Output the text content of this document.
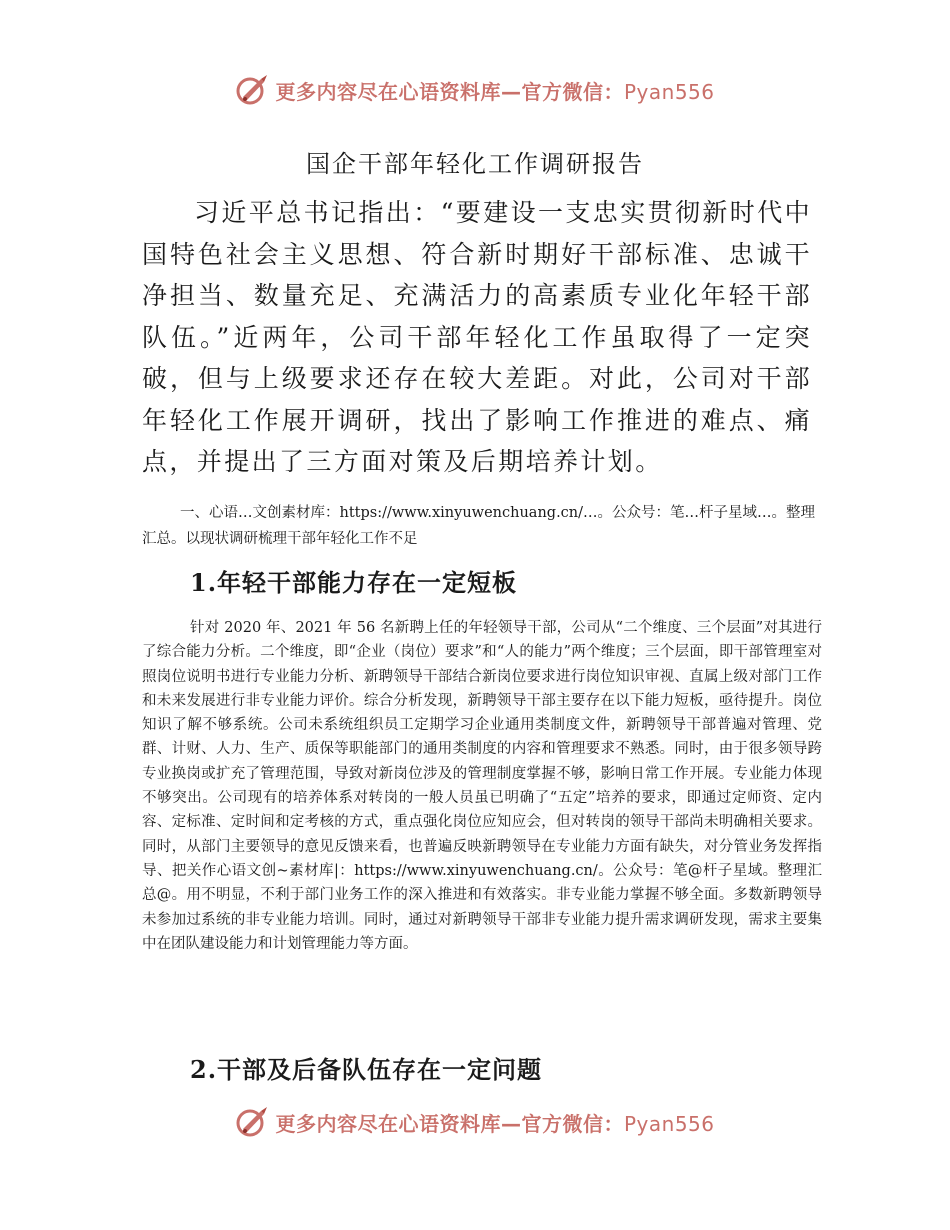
更多内容尽在心语资料库—官方微信：Pyan556
国企干部年轻化工作调研报告

习近平总书记指出：“要建设一支忠实贯彻新时代中国特色社会主义思想、符合新时期好干部标准、忠诚干净担当、数量充足、充满活力的高素质专业化年轻干部队伍。”近两年，公司干部年轻化工作虽取得了一定突破，但与上级要求还存在较大差距。对此，公司对干部年轻化工作展开调研，找出了影响工作推进的难点、痛点，并提出了三方面对策及后期培养计划。

一、心语…文创素材库：https://www.xinyuwenchuang.cn/…。公众号：笔…杆子星域…。整理汇总。以现状调研梳理干部年轻化工作不足

1.年轻干部能力存在一定短板

针对 2020 年、2021 年 56 名新聘上任的年轻领导干部，公司从“二个维度、三个层面”对其进行了综合能力分析。二个维度，即“企业（岗位）要求”和“人的能力”两个维度；三个层面，即干部管理室对照岗位说明书进行专业能力分析、新聘领导干部结合新岗位要求进行岗位知识审视、直属上级对部门工作和未来发展进行非专业能力评价。综合分析发现，新聘领导干部主要存在以下能力短板，亟待提升。岗位知识了解不够系统。公司未系统组织员工定期学习企业通用类制度文件，新聘领导干部普遍对管理、党群、计财、人力、生产、质保等职能部门的通用类制度的内容和管理要求不熟悉。同时，由于很多领导跨专业换岗或扩充了管理范围，导致对新岗位涉及的管理制度掌握不够，影响日常工作开展。专业能力体现不够突出。公司现有的培养体系对转岗的一般人员虽已明确了“五定”培养的要求，即通过定师资、定内容、定标准、定时间和定考核的方式，重点强化岗位应知应会，但对转岗的领导干部尚未明确相关要求。同时，从部门主要领导的意见反馈来看，也普遍反映新聘领导在专业能力方面有缺失，对分管业务发挥指导、把关作心语文创~素材库|：https://www.xinyuwenchuang.cn/。公众号：笔@杆子星域。整理汇总@。用不明显，不利于部门业务工作的深入推进和有效落实。非专业能力掌握不够全面。多数新聘领导未参加过系统的非专业能力培训。同时，通过对新聘领导干部非专业能力提升需求调研发现，需求主要集中在团队建设能力和计划管理能力等方面。

2.干部及后备队伍存在一定问题
更多内容尽在心语资料库—官方微信：Pyan556
